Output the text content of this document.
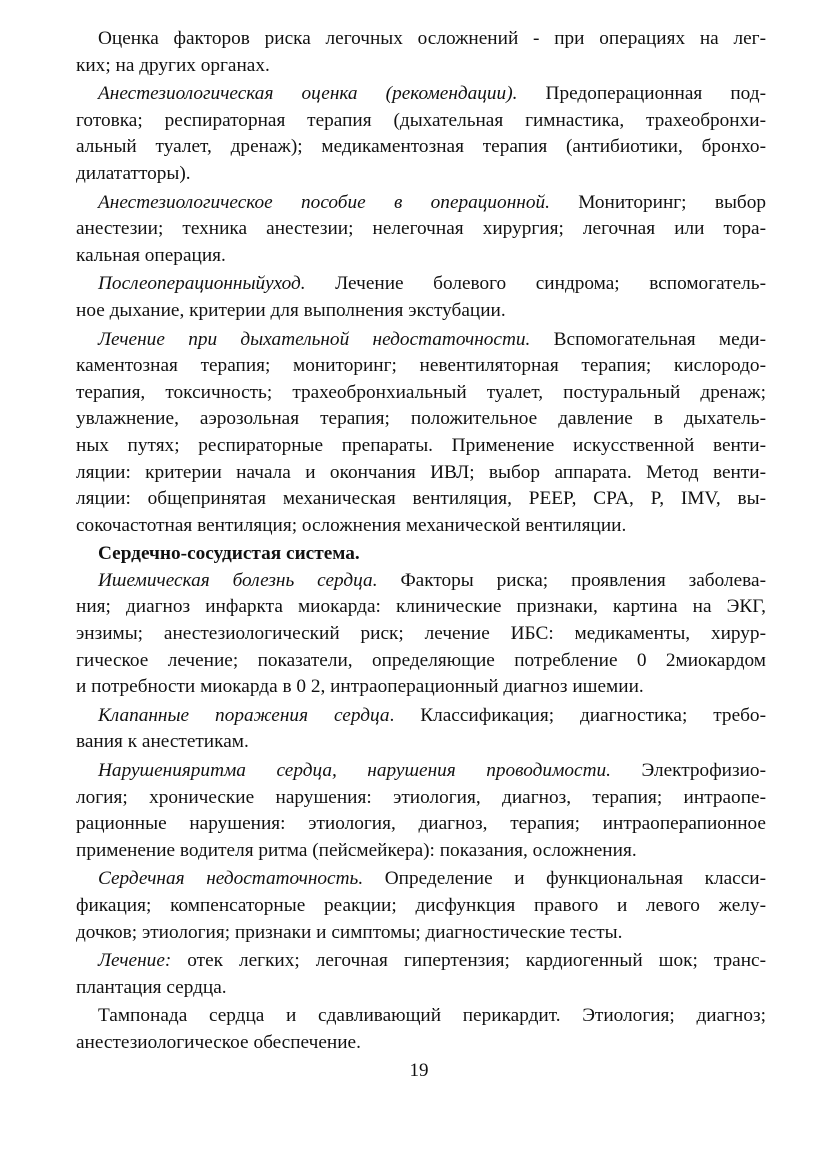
Оценка факторов риска легочных осложнений - при операциях на лег-
ких; на других органах.
Анестезиологическая оценка (рекомендации). Предоперационная под-
готовка; респираторная терапия (дыхательная гимнастика, трахеобронхи-
альный туалет, дренаж); медикаментозная терапия (антибиотики, бронхо-
дилататторы).
Анестезиологическое пособие в операционной. Мониторинг; выбор
анестезии; техника анестезии; нелегочная хирургия; легочная или тора-
кальная операция.
Послеоперационныйуход. Лечение болевого синдрома; вспомогатель-
ное дыхание, критерии для выполнения экстубации.
Лечение при дыхательной недостаточности. Вспомогательная меди-
каментозная терапия; мониторинг; невентиляторная терапия; кислородо-
терапия, токсичность; трахеобронхиальный туалет, постуральный дренаж;
увлажнение, аэрозольная терапия; положительное давление в дыхатель-
ных путях; респираторные препараты. Применение искусственной венти-
ляции: критерии начала и окончания ИВЛ; выбор аппарата. Метод венти-
ляции: общепринятая механическая вентиляция, PEEP, CPA, P, IMV, вы-
сокочастотная вентиляция; осложнения механической вентиляции.
Сердечно-сосудистая система.
Ишемическая болезнь сердца. Факторы риска; проявления заболева-
ния; диагноз инфаркта миокарда: клинические признаки, картина на ЭКГ,
энзимы; анестезиологический риск; лечение ИБС: медикаменты, хирур-
гическое лечение; показатели, определяющие потребление 0 2миокардом
и потребности миокарда в 0 2, интраоперационный диагноз ишемии.
Клапанные поражения сердца. Классификация; диагностика; требо-
вания к анестетикам.
Нарушенияритма сердца, нарушения проводимости. Электрофизио-
логия; хронические нарушения: этиология, диагноз, терапия; интраопе-
рационные нарушения: этиология, диагноз, терапия; интраоперапионное
применение водителя ритма (пейсмейкера): показания, осложнения.
Сердечная недостаточность. Определение и функциональная класси-
фикация; компенсаторные реакции; дисфункция правого и левого желу-
дочков; этиология; признаки и симптомы; диагностические тесты.
Лечение: отек легких; легочная гипертензия; кардиогенный шок; транс-
плантация сердца.
Тампонада сердца и сдавливающий перикардит. Этиология; диагноз;
анестезиологическое обеспечение.
19
